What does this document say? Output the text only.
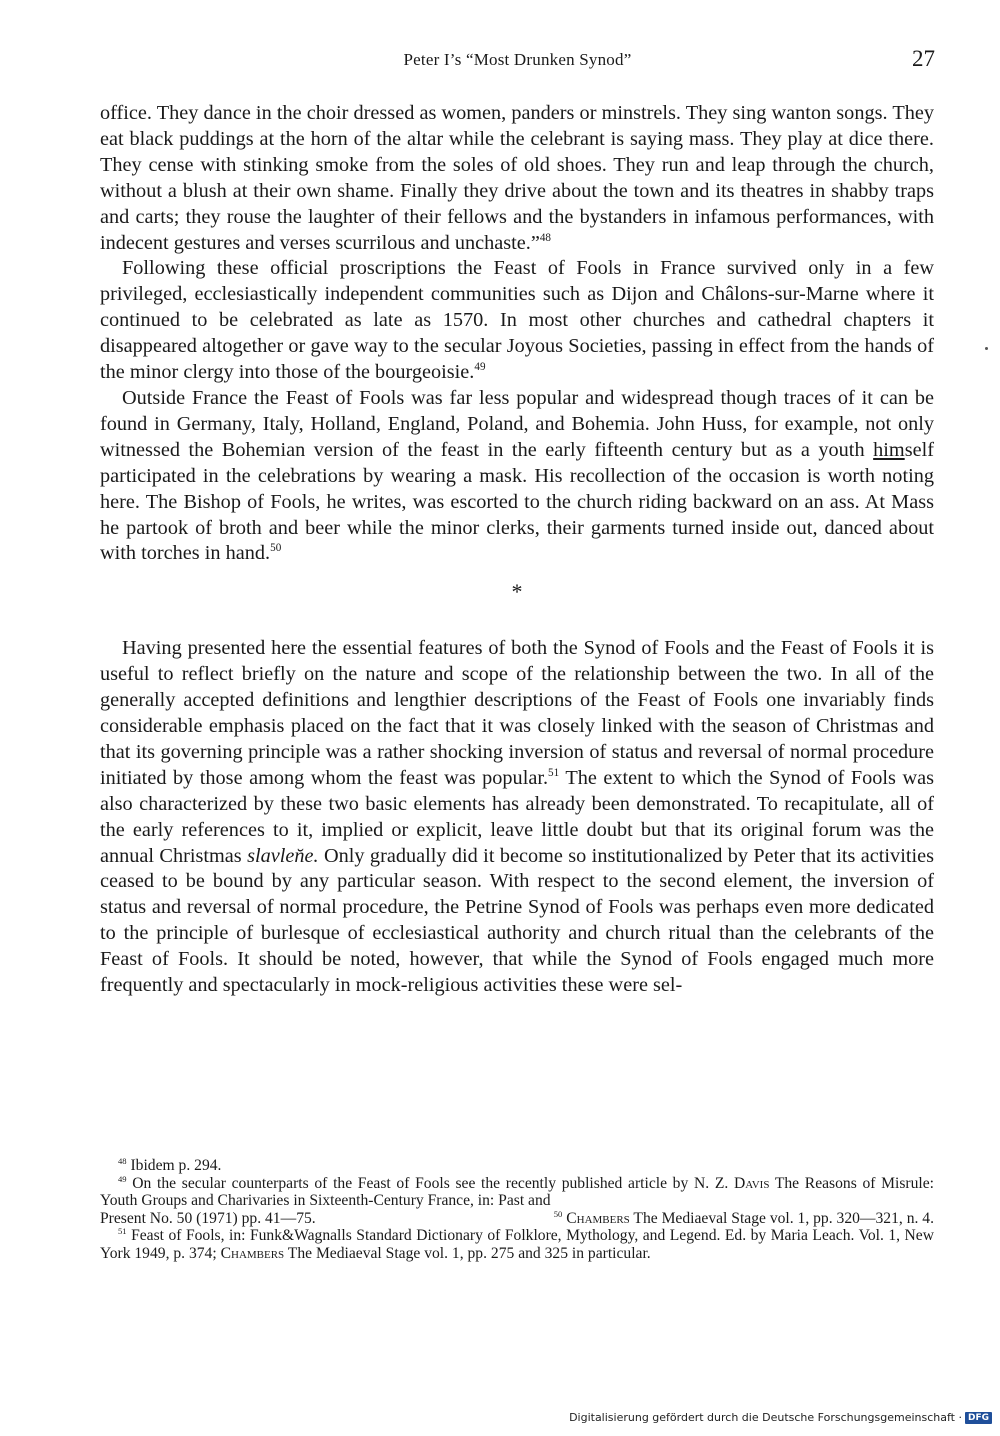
Peter I’s “Most Drunken Synod”	27

office. They dance in the choir dressed as women, panders or minstrels. They sing wanton songs. They eat black puddings at the horn of the altar while the celebrant is saying mass. They play at dice there. They cense with stinking smoke from the soles of old shoes. They run and leap through the church, without a blush at their own shame. Finally they drive about the town and its theatres in shabby traps and carts; they rouse the laughter of their fellows and the bystanders in infamous performances, with indecent gestures and verses scurrilous and unchaste.”$^{48}$

Following these official proscriptions the Feast of Fools in France survived only in a few privileged, ecclesiastically independent communities such as Dijon and Châlons-sur-Marne where it continued to be celebrated as late as 1570. In most other churches and cathedral chapters it disappeared altogether or gave way to the secular Joyous Societies, passing in effect from the hands of the minor clergy into those of the bourgeoisie.$^{49}$

Outside France the Feast of Fools was far less popular and widespread though traces of it can be found in Germany, Italy, Holland, England, Poland, and Bohemia. John Huss, for example, not only witnessed the Bohemian version of the feast in the early fifteenth century but as a youth himself participated in the celebrations by wearing a mask. His recollection of the occasion is worth noting here. The Bishop of Fools, he writes, was escorted to the church riding backward on an ass. At Mass he partook of broth and beer while the minor clerks, their garments turned inside out, danced about with torches in hand.$^{50}$

*

Having presented here the essential features of both the Synod of Fools and the Feast of Fools it is useful to reflect briefly on the nature and scope of the relationship between the two. In all of the generally accepted definitions and lengthier descriptions of the Feast of Fools one invariably finds considerable emphasis placed on the fact that it was closely linked with the season of Christmas and that its governing principle was a rather shocking inversion of status and reversal of normal procedure initiated by those among whom the feast was popular.$^{51}$ The extent to which the Synod of Fools was also characterized by these two basic elements has already been demonstrated. To recapitulate, all of the early references to it, implied or explicit, leave little doubt but that its original forum was the annual Christmas slavlen̆e. Only gradually did it become so institutionalized by Peter that its activities ceased to be bound by any particular season. With respect to the second element, the inversion of status and reversal of normal procedure, the Petrine Synod of Fools was perhaps even more dedicated to the principle of burlesque of ecclesiastical authority and church ritual than the celebrants of the Feast of Fools. It should be noted, however, that while the Synod of Fools engaged much more frequently and spectacularly in mock-religious activities these were sel-

$^{48}$ Ibidem p. 294.

$^{49}$ On the secular counterparts of the Feast of Fools see the recently published article by N. Z. Davis The Reasons of Misrule: Youth Groups and Charivaries in Sixteenth-Century France, in: Past and

Present No. 50 (1971) pp. 41—75.	$^{50}$ Chambers The Mediaeval Stage vol. 1, pp. 320—321, n. 4.

$^{51}$ Feast of Fools, in: Funk&Wagnalls Standard Dictionary of Folklore, Mythology, and Legend. Ed. by Maria Leach. Vol. 1, New York 1949, p. 374; Chambers The Mediaeval Stage vol. 1, pp. 275 and 325 in particular.

Digitalisierung gefördert durch die Deutsche Forschungsgemeinschaft · DFG
